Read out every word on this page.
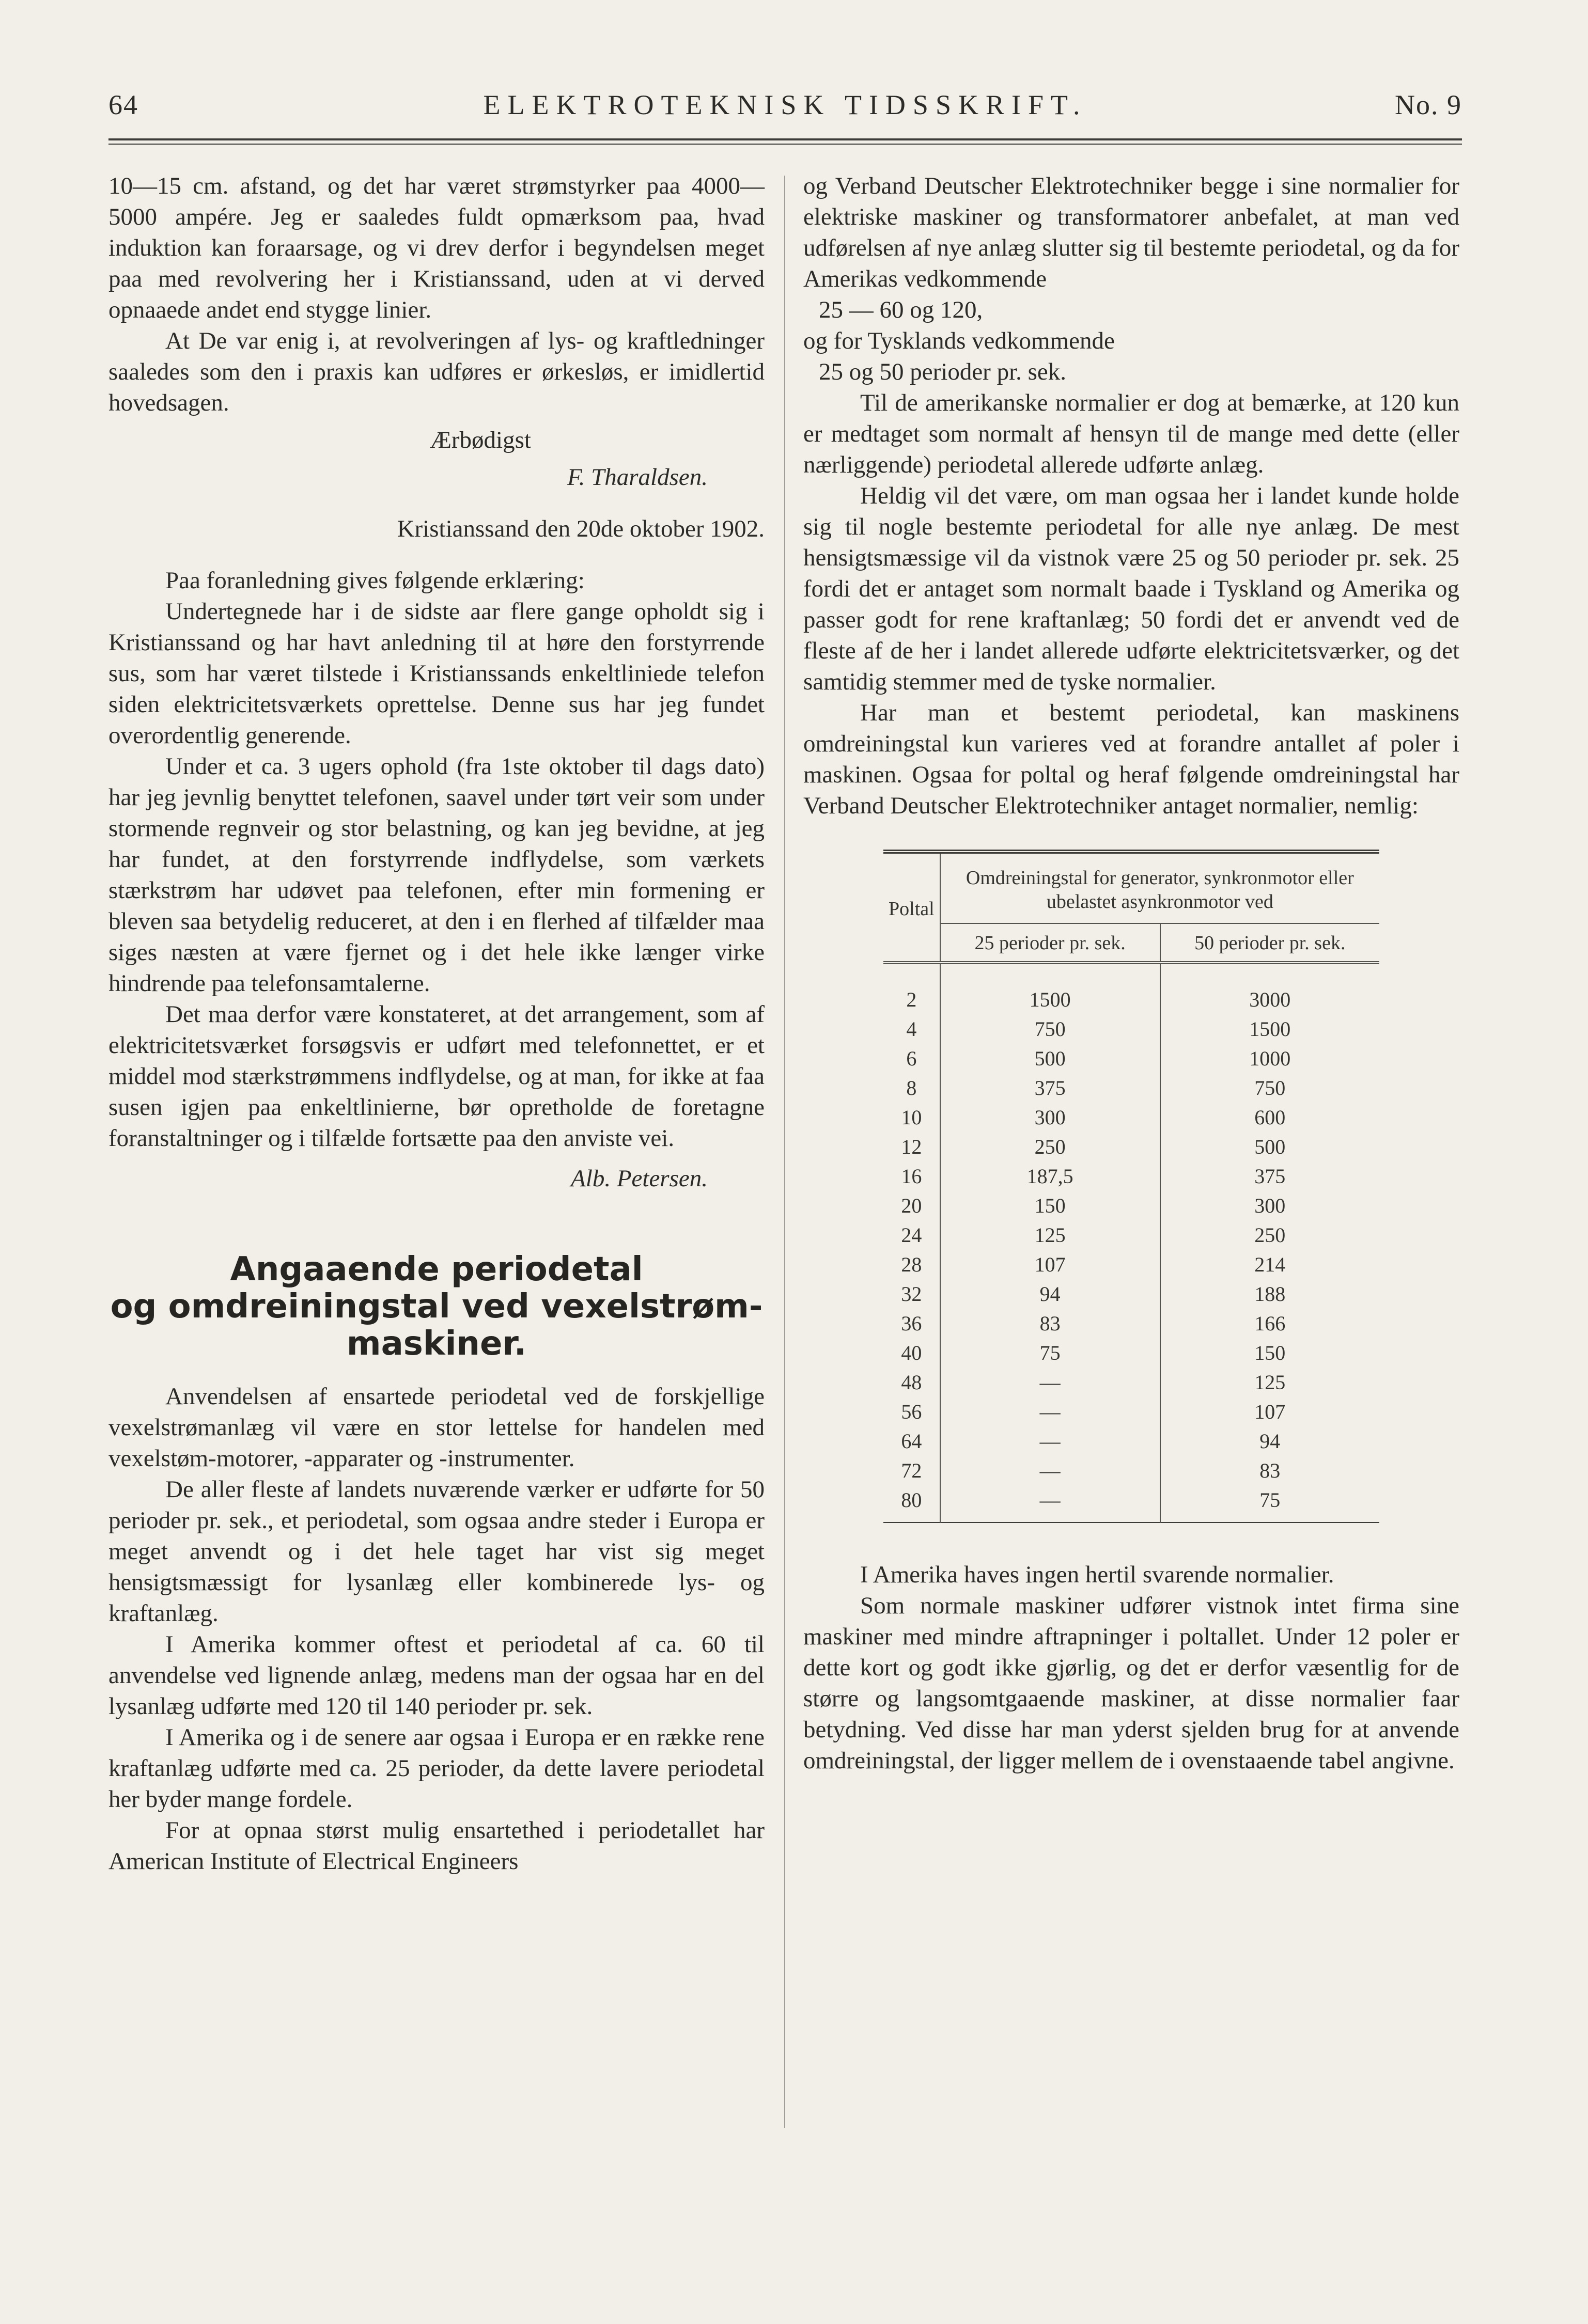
64	ELEKTROTEKNISK TIDSSKRIFT.	No. 9

10—15 cm. afstand, og det har været strømstyrker paa 4000—5000 ampére. Jeg er saaledes fuldt opmærksom paa, hvad induktion kan foraarsage, og vi drev derfor i begyndelsen meget paa med revolvering her i Kristianssand, uden at vi derved opnaaede andet end stygge linier.

At De var enig i, at revolveringen af lys- og kraftledninger saaledes som den i praxis kan udføres er ørkesløs, er imidlertid hovedsagen.

Ærbødigst

F. Tharaldsen.

Kristianssand den 20de oktober 1902.

Paa foranledning gives følgende erklæring:

Undertegnede har i de sidste aar flere gange opholdt sig i Kristianssand og har havt anledning til at høre den forstyrrende sus, som har været tilstede i Kristianssands enkeltliniede telefon siden elektricitetsværkets oprettelse. Denne sus har jeg fundet overordentlig generende.

Under et ca. 3 ugers ophold (fra 1ste oktober til dags dato) har jeg jevnlig benyttet telefonen, saavel under tørt veir som under stormende regnveir og stor belastning, og kan jeg bevidne, at jeg har fundet, at den forstyrrende indflydelse, som værkets stærkstrøm har udøvet paa telefonen, efter min formening er bleven saa betydelig reduceret, at den i en flerhed af tilfælder maa siges næsten at være fjernet og i det hele ikke længer virke hindrende paa telefonsamtalerne.

Det maa derfor være konstateret, at det arrangement, som af elektricitetsværket forsøgsvis er udført med telefonnettet, er et middel mod stærkstrømmens indflydelse, og at man, for ikke at faa susen igjen paa enkeltlinierne, bør opretholde de foretagne foranstaltninger og i tilfælde fortsætte paa den anviste vei.

Alb. Petersen.

Angaaende periodetal
og omdreiningstal ved vexelstrøm-
maskiner.

Anvendelsen af ensartede periodetal ved de forskjellige vexelstrømanlæg vil være en stor lettelse for handelen med vexelstøm-motorer, -apparater og -instrumenter.

De aller fleste af landets nuværende værker er udførte for 50 perioder pr. sek., et periodetal, som ogsaa andre steder i Europa er meget anvendt og i det hele taget har vist sig meget hensigtsmæssigt for lysanlæg eller kombinerede lys- og kraftanlæg.

I Amerika kommer oftest et periodetal af ca. 60 til anvendelse ved lignende anlæg, medens man der ogsaa har en del lysanlæg udførte med 120 til 140 perioder pr. sek.

I Amerika og i de senere aar ogsaa i Europa er en række rene kraftanlæg udførte med ca. 25 perioder, da dette lavere periodetal her byder mange fordele.

For at opnaa størst mulig ensartethed i periodetallet har American Institute of Electrical Engineers

og Verband Deutscher Elektrotechniker begge i sine normalier for elektriske maskiner og transformatorer anbefalet, at man ved udførelsen af nye anlæg slutter sig til bestemte periodetal, og da for Amerikas vedkommende

25 — 60 og 120,

og for Tysklands vedkommende

25 og 50 perioder pr. sek.

Til de amerikanske normalier er dog at bemærke, at 120 kun er medtaget som normalt af hensyn til de mange med dette (eller nærliggende) periodetal allerede udførte anlæg.

Heldig vil det være, om man ogsaa her i landet kunde holde sig til nogle bestemte periodetal for alle nye anlæg. De mest hensigtsmæssige vil da vistnok være 25 og 50 perioder pr. sek. 25 fordi det er antaget som normalt baade i Tyskland og Amerika og passer godt for rene kraftanlæg; 50 fordi det er anvendt ved de fleste af de her i landet allerede udførte elektricitetsværker, og det samtidig stemmer med de tyske normalier.

Har man et bestemt periodetal, kan maskinens omdreiningstal kun varieres ved at forandre antallet af poler i maskinen. Ogsaa for poltal og heraf følgende omdreiningstal har Verband Deutscher Elektrotechniker antaget normalier, nemlig:

Poltal	Omdreiningstal for generator, synkronmotor eller ubelastet asynkronmotor ved	
	25 perioder pr. sek.	50 perioder pr. sek.
2	1500	3000
4	750	1500
6	500	1000
8	375	750
10	300	600
12	250	500
16	187,5	375
20	150	300
24	125	250
28	107	214
32	94	188
36	83	166
40	75	150
48	—	125
56	—	107
64	—	94
72	—	83
80	—	75

I Amerika haves ingen hertil svarende normalier.

Som normale maskiner udfører vistnok intet firma sine maskiner med mindre aftrapninger i poltallet. Under 12 poler er dette kort og godt ikke gjørlig, og det er derfor væsentlig for de større og langsomtgaaende maskiner, at disse normalier faar betydning. Ved disse har man yderst sjelden brug for at anvende omdreiningstal, der ligger mellem de i ovenstaaende tabel angivne.
